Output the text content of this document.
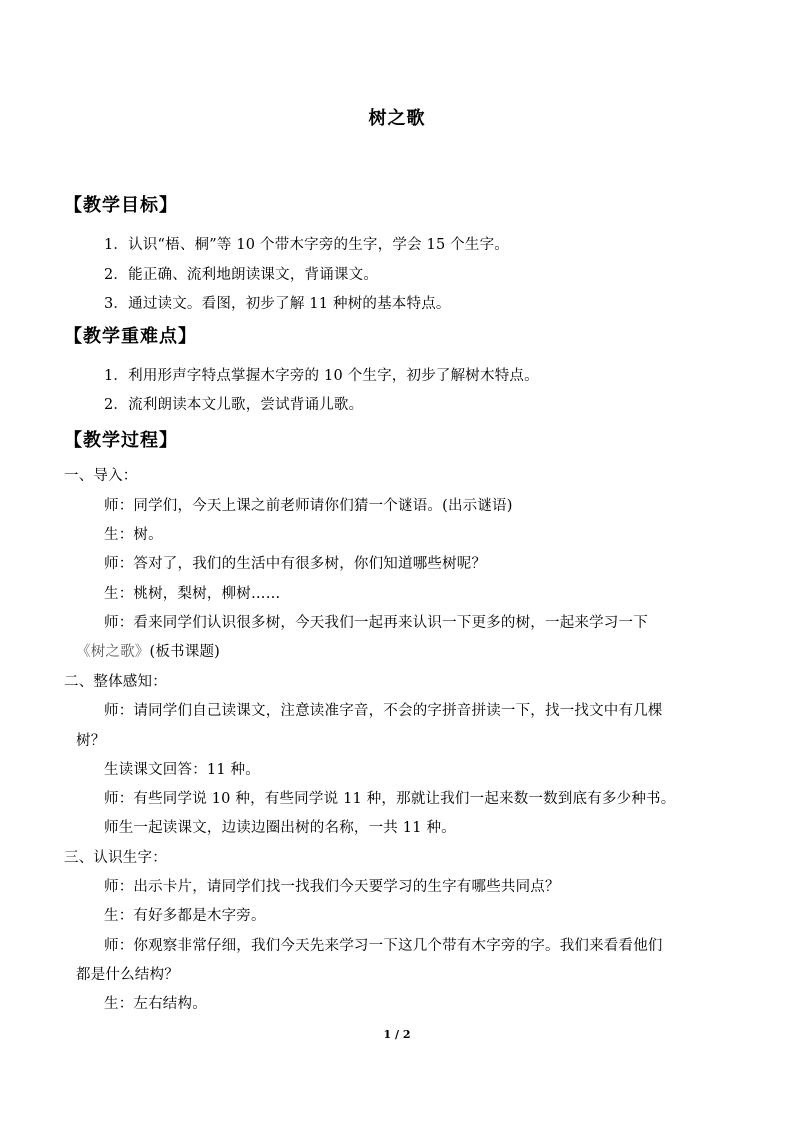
树之歌
【教学目标】
1．认识“梧、桐”等 10 个带木字旁的生字，学会 15 个生字。
2．能正确、流利地朗读课文，背诵课文。
3．通过读文。看图，初步了解 11 种树的基本特点。
【教学重难点】
1．利用形声字特点掌握木字旁的 10 个生字，初步了解树木特点。
2．流利朗读本文儿歌，尝试背诵儿歌。
【教学过程】
一、导入：
师：同学们，今天上课之前老师请你们猜一个谜语。(出示谜语)
生：树。
师：答对了，我们的生活中有很多树，你们知道哪些树呢？
生：桃树，梨树，柳树……
师：看来同学们认识很多树，今天我们一起再来认识一下更多的树，一起来学习一下
《树之歌》(板书课题)
二、整体感知：
师：请同学们自己读课文，注意读准字音，不会的字拼音拼读一下，找一找文中有几棵
树？
生读课文回答：11 种。
师：有些同学说 10 种，有些同学说 11 种，那就让我们一起来数一数到底有多少种书。
师生一起读课文，边读边圈出树的名称，一共 11 种。
三、认识生字：
师：出示卡片，请同学们找一找我们今天要学习的生字有哪些共同点？
生：有好多都是木字旁。
师：你观察非常仔细，我们今天先来学习一下这几个带有木字旁的字。我们来看看他们
都是什么结构？
生：左右结构。
1 / 2
